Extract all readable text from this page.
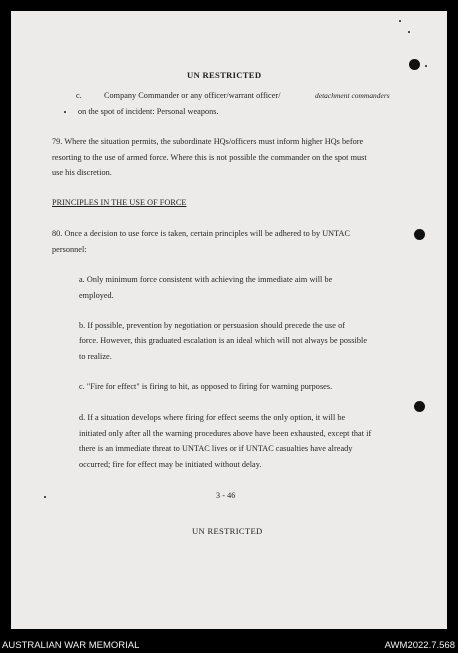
UN RESTRICTED
c.	Company Commander or any officer/warrant officer/	detachment commanders
on the spot of incident: Personal weapons.
79. Where the situation permits, the subordinate HQs/officers must inform higher HQs before
resorting to the use of armed force. Where this is not possible the commander on the spot must
use his discretion.
PRINCIPLES IN THE USE OF FORCE
80. Once a decision to use force is taken, certain principles will be adhered to by UNTAC
personnel:
a. Only minimum force consistent with achieving the immediate aim will be
employed.
b. If possible, prevention by negotiation or persuasion should precede the use of
force. However, this graduated escalation is an ideal which will not always be possible
to realize.
c. "Fire for effect" is firing to hit, as opposed to firing for warning purposes.
d. If a situation develops where firing for effect seems the only option, it will be
initiated only after all the warning procedures above have been exhausted, except that if
there is an immediate threat to UNTAC lives or if UNTAC casualties have already
occurred; fire for effect may be initiated without delay.
3 - 46
UN RESTRICTED
AUSTRALIAN WAR MEMORIAL	AWM2022.7.568
